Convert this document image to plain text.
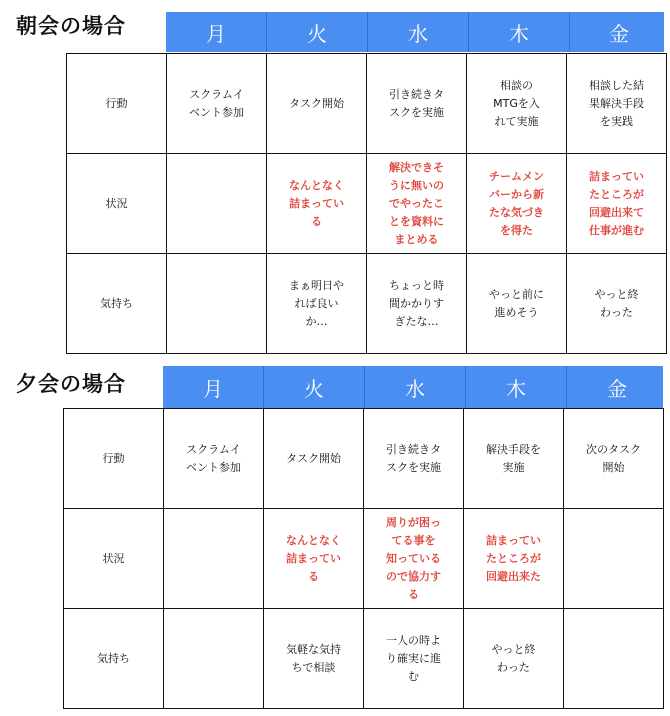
朝会の場合	月	火	水	木	金
行動	スクラムイ
ベント参加	タスク開始	引き続きタ
スクを実施	相談の
MTGを入
れて実施	相談した結
果解決手段
を実践
状況		なんとなく
詰まってい
る	解決できそ
うに無いの
でやったこ
とを資料に
まとめる	チームメン
バーから新
たな気づき
を得た	詰まってい
たところが
回避出来て
仕事が進む
気持ち		まぁ明日や
れば良い
か…	ちょっと時
間かかりす
ぎたな…	やっと前に
進めそう	やっと終
わった
夕会の場合	月	火	水	木	金
行動	スクラムイ
ベント参加	タスク開始	引き続きタ
スクを実施	解決手段を
実施	次のタスク
開始
状況		なんとなく
詰まってい
る	周りが困っ
てる事を
知っている
ので協力す
る	詰まってい
たところが
回避出来た	
気持ち		気軽な気持
ちで相談	一人の時よ
り確実に進
む	やっと終
わった	
